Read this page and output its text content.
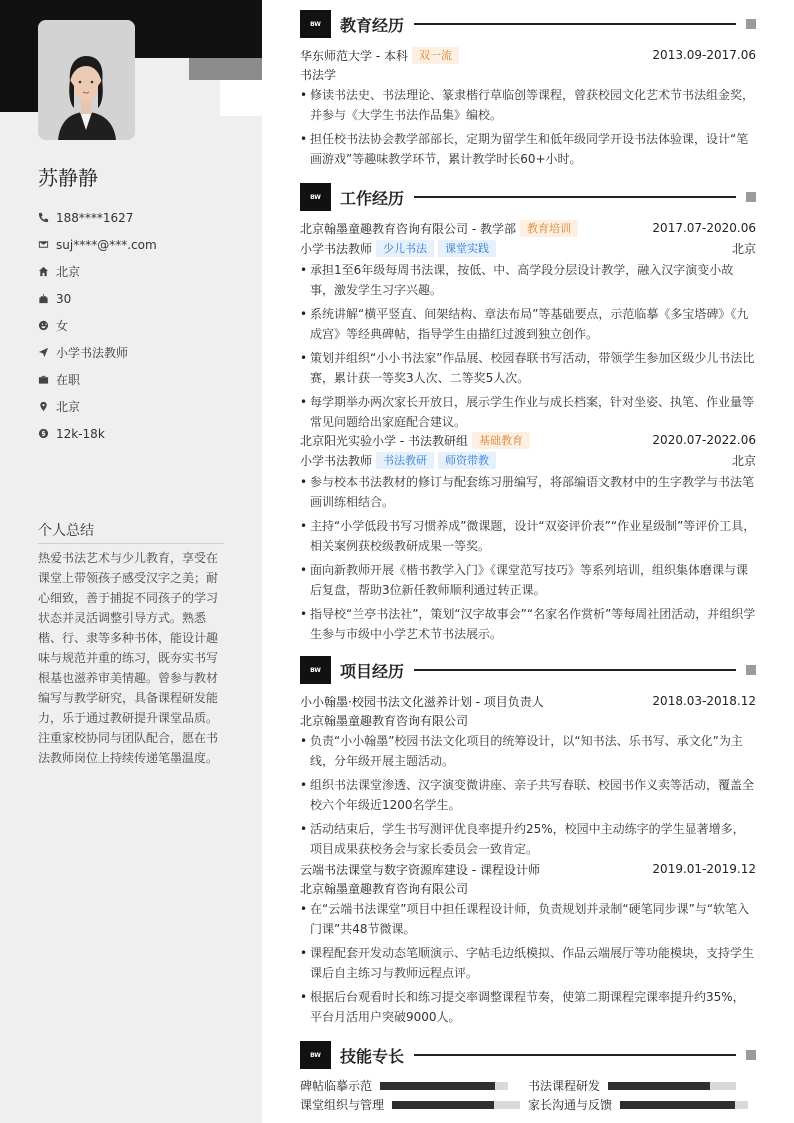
苏静静
188****1627
suj****@***.com
北京
30
女
小学书法教师
在职
北京
12k-18k
个人总结
热爱书法艺术与少儿教育，享受在课堂上带领孩子感受汉字之美；耐心细致，善于捕捉不同孩子的学习状态并灵活调整引导方式。熟悉楷、行、隶等多种书体，能设计趣味与规范并重的练习，既夯实书写根基也滋养审美情趣。曾参与教材编写与教学研究，具备课程研发能力，乐于通过教研提升课堂品质。注重家校协同与团队配合，愿在书法教师岗位上持续传递笔墨温度。
BW	教育经历
华东师范大学 - 本科	双一流	2013.09-2017.06
书法学
• 修读书法史、书法理论、篆隶楷行草临创等课程，曾获校园文化艺术节书法组金奖，并参与《大学生书法作品集》编校。
• 担任校书法协会教学部部长，定期为留学生和低年级同学开设书法体验课，设计“笔画游戏”等趣味教学环节，累计教学时长60+小时。
BW	工作经历
北京翰墨童趣教育咨询有限公司 - 教学部	教育培训	2017.07-2020.06
小学书法教师	少儿书法	课堂实践	北京
• 承担1至6年级每周书法课，按低、中、高学段分层设计教学，融入汉字演变小故事，激发学生习字兴趣。
• 系统讲解“横平竖直、间架结构、章法布局”等基础要点，示范临摹《多宝塔碑》《九成宫》等经典碑帖，指导学生由描红过渡到独立创作。
• 策划并组织“小小书法家”作品展、校园春联书写活动，带领学生参加区级少儿书法比赛，累计获一等奖3人次、二等奖5人次。
• 每学期举办两次家长开放日，展示学生作业与成长档案，针对坐姿、执笔、作业量等常见问题给出家庭配合建议。
北京阳光实验小学 - 书法教研组	基础教育	2020.07-2022.06
小学书法教师	书法教研	师资带教	北京
• 参与校本书法教材的修订与配套练习册编写，将部编语文教材中的生字教学与书法笔画训练相结合。
• 主持“小学低段书写习惯养成”微课题，设计“双姿评价表”“作业星级制”等评价工具，相关案例获校级教研成果一等奖。
• 面向新教师开展《楷书教学入门》《课堂范写技巧》等系列培训，组织集体磨课与课后复盘，帮助3位新任教师顺利通过转正课。
• 指导校“兰亭书法社”，策划“汉字故事会”“名家名作赏析”等每周社团活动，并组织学生参与市级中小学艺术节书法展示。
BW	项目经历
小小翰墨·校园书法文化滋养计划 - 项目负责人	2018.03-2018.12
北京翰墨童趣教育咨询有限公司
• 负责“小小翰墨”校园书法文化项目的统筹设计，以“知书法、乐书写、承文化”为主线，分年级开展主题活动。
• 组织书法课堂渗透、汉字演变微讲座、亲子共写春联、校园书作义卖等活动，覆盖全校六个年级近1200名学生。
• 活动结束后，学生书写测评优良率提升约25%，校园中主动练字的学生显著增多，项目成果获校务会与家长委员会一致肯定。
云端书法课堂与数字资源库建设 - 课程设计师	2019.01-2019.12
北京翰墨童趣教育咨询有限公司
• 在“云端书法课堂”项目中担任课程设计师，负责规划并录制“硬笔同步课”与“软笔入门课”共48节微课。
• 课程配套开发动态笔顺演示、字帖毛边纸模拟、作品云端展厅等功能模块，支持学生课后自主练习与教师远程点评。
• 根据后台观看时长和练习提交率调整课程节奏，使第二期课程完课率提升约35%，平台月活用户突破9000人。
BW	技能专长
碑帖临摹示范	书法课程研发
课堂组织与管理	家长沟通与反馈
